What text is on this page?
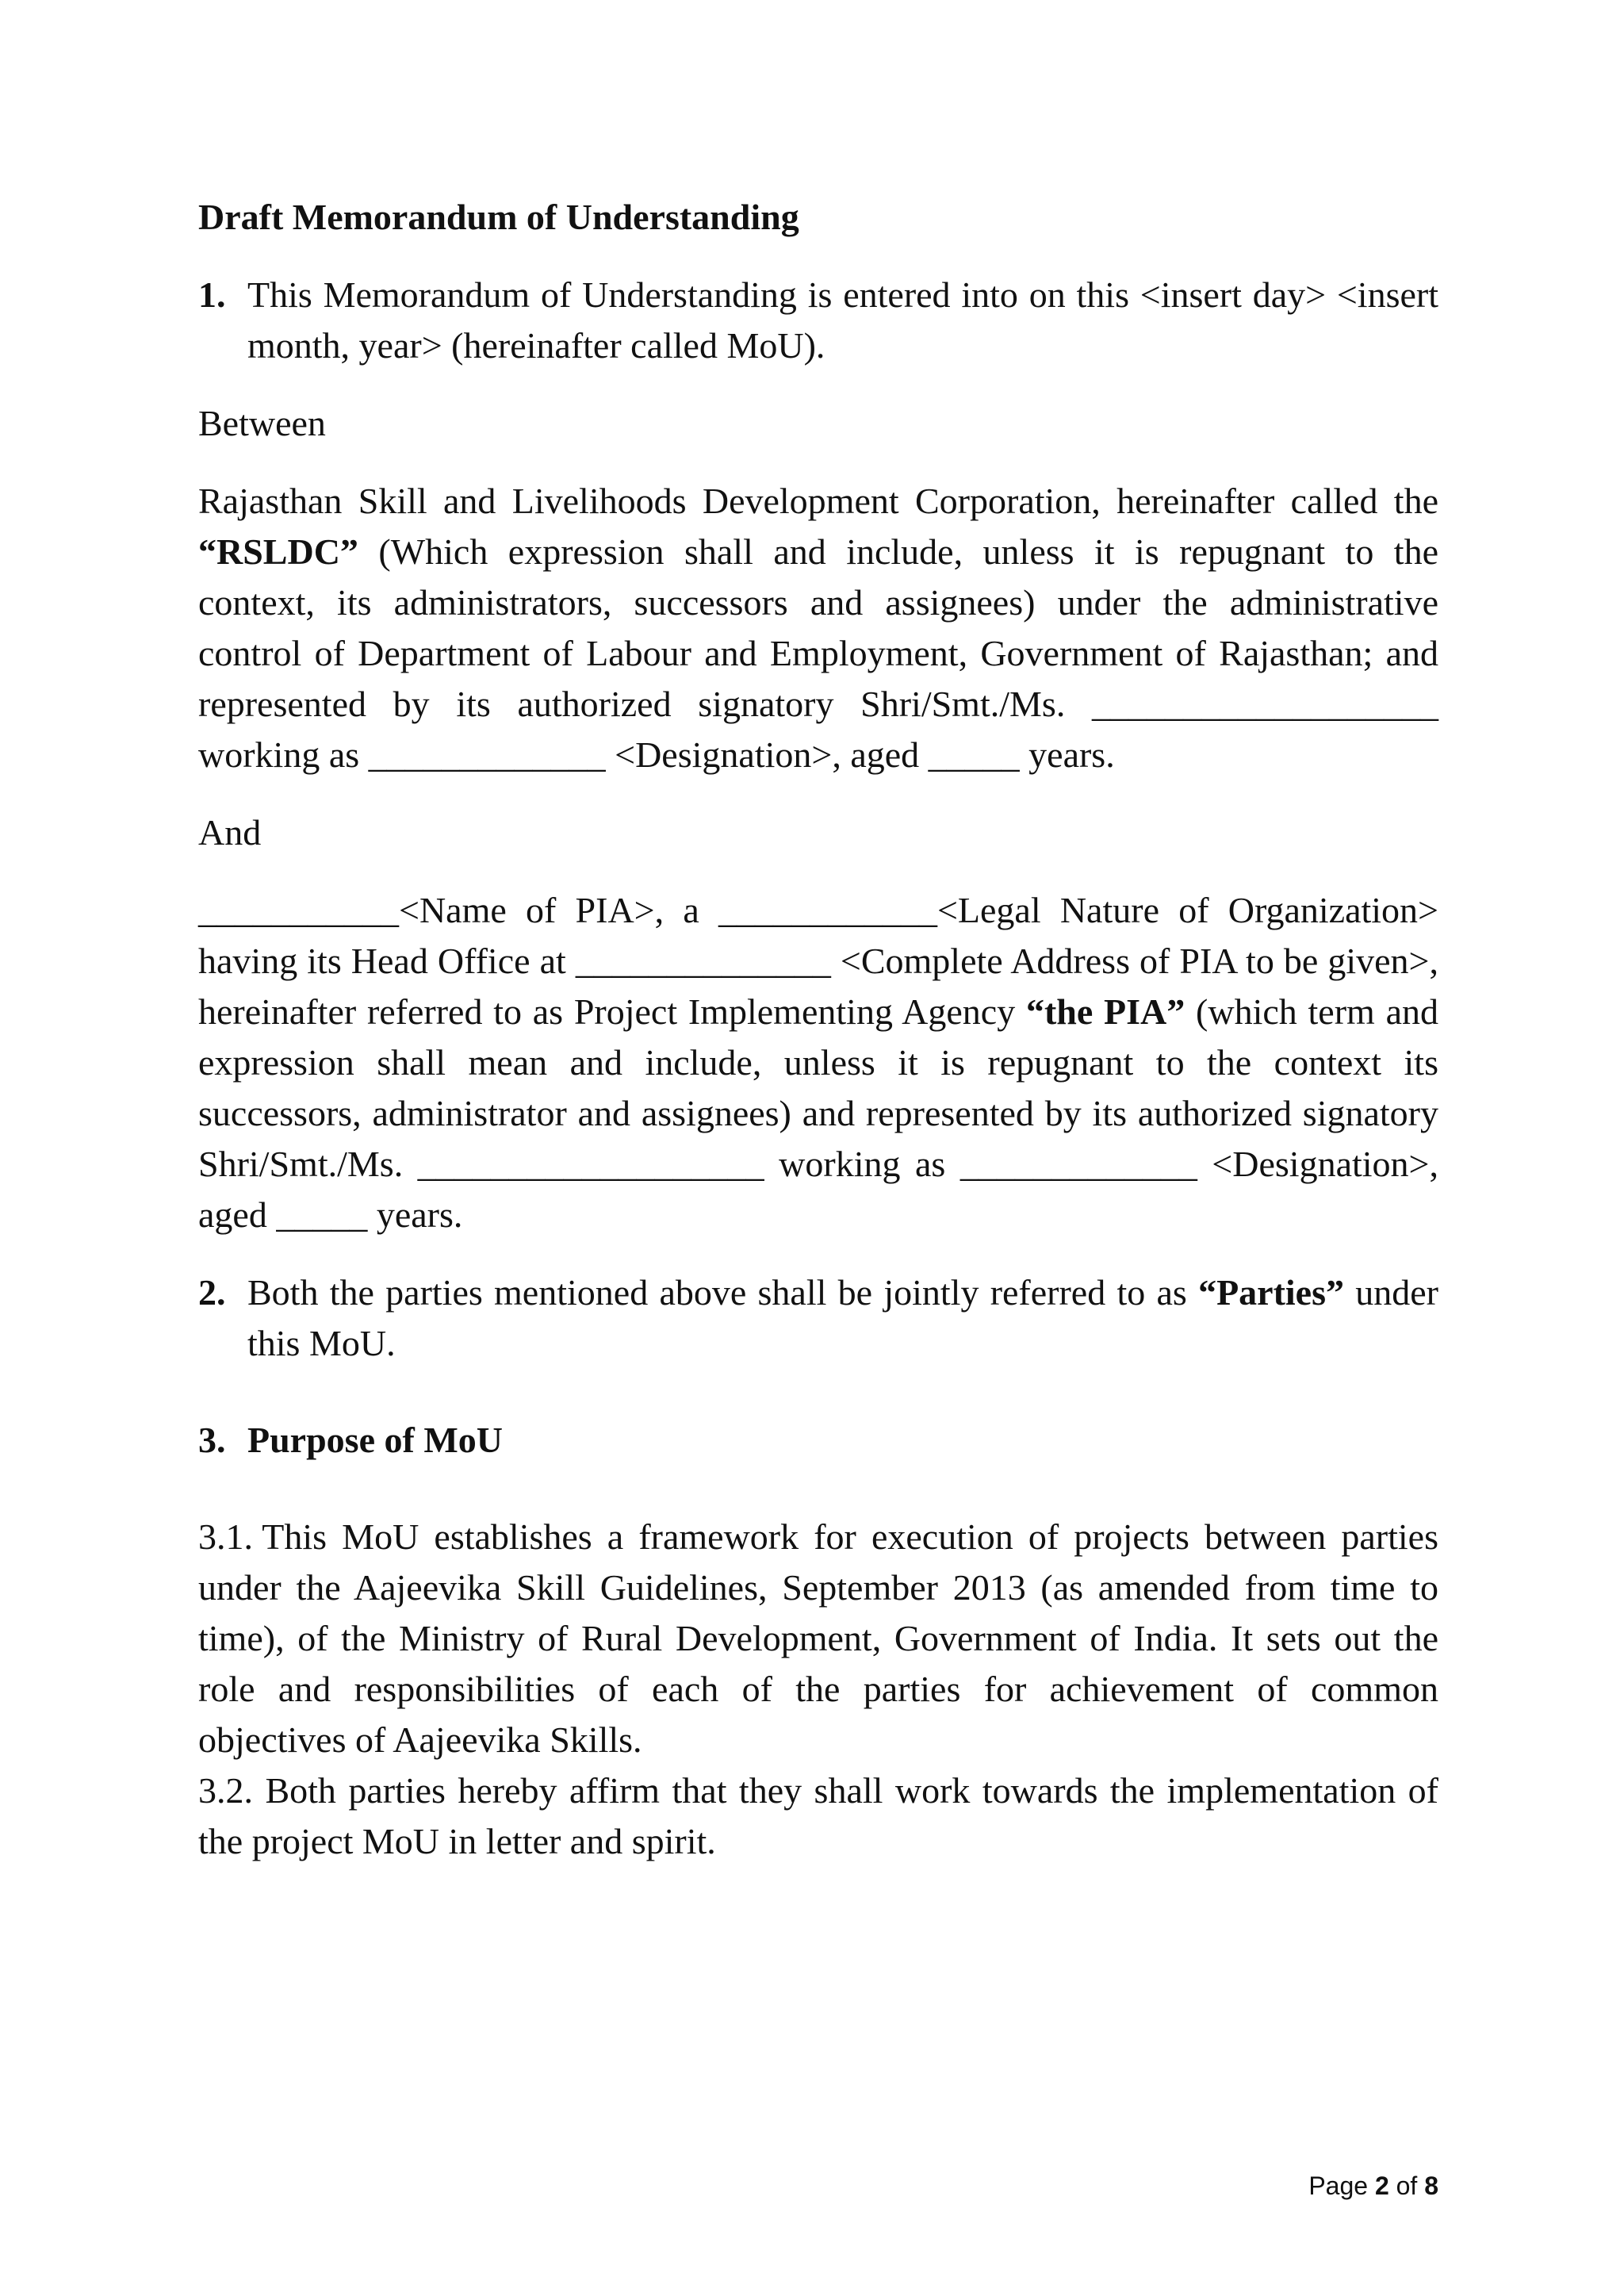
Draft Memorandum of Understanding

1. This Memorandum of Understanding is entered into on this <insert day> <insert month, year> (hereinafter called MoU).

Between

Rajasthan Skill and Livelihoods Development Corporation, hereinafter called the “RSLDC” (Which expression shall and include, unless it is repugnant to the context, its administrators, successors and assignees) under the administrative control of Department of Labour and Employment, Government of Rajasthan; and represented by its authorized signatory Shri/Smt./Ms. ___________________ working as _____________ <Designation>, aged _____ years.

And

___________<Name of PIA>, a ____________<Legal Nature of Organization> having its Head Office at ______________ <Complete Address of PIA to be given>, hereinafter referred to as Project Implementing Agency “the PIA” (which term and expression shall mean and include, unless it is repugnant to the context its successors, administrator and assignees) and represented by its authorized signatory Shri/Smt./Ms. ___________________ working as _____________ <Designation>, aged _____ years.

2. Both the parties mentioned above shall be jointly referred to as “Parties” under this MoU.
3. Purpose of MoU

3.1. This MoU establishes a framework for execution of projects between parties under the Aajeevika Skill Guidelines, September 2013 (as amended from time to time), of the Ministry of Rural Development, Government of India. It sets out the role and responsibilities of each of the parties for achievement of common objectives of Aajeevika Skills.

3.2. Both parties hereby affirm that they shall work towards the implementation of the project MoU in letter and spirit.

Page 2 of 8
